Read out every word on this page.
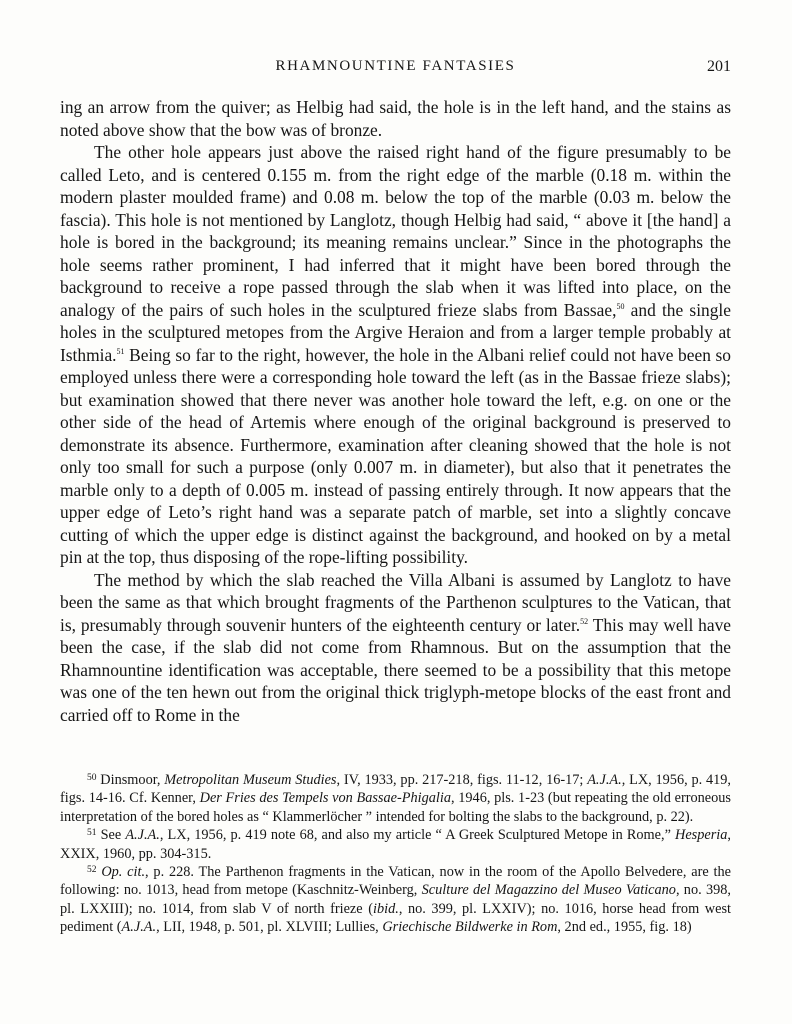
RHAMNOUNTINE FANTASIES	201

ing an arrow from the quiver; as Helbig had said, the hole is in the left hand, and the stains as noted above show that the bow was of bronze.

The other hole appears just above the raised right hand of the figure presumably to be called Leto, and is centered 0.155 m. from the right edge of the marble (0.18 m. within the modern plaster moulded frame) and 0.08 m. below the top of the marble (0.03 m. below the fascia). This hole is not mentioned by Langlotz, though Helbig had said, “ above it [the hand] a hole is bored in the background; its meaning remains unclear.” Since in the photographs the hole seems rather prominent, I had inferred that it might have been bored through the background to receive a rope passed through the slab when it was lifted into place, on the analogy of the pairs of such holes in the sculptured frieze slabs from Bassae,$^{50}$ and the single holes in the sculptured metopes from the Argive Heraion and from a larger temple probably at Isthmia.$^{51}$ Being so far to the right, however, the hole in the Albani relief could not have been so employed unless there were a corresponding hole toward the left (as in the Bassae frieze slabs); but examination showed that there never was another hole toward the left, e.g. on one or the other side of the head of Artemis where enough of the original background is preserved to demonstrate its absence. Furthermore, examination after cleaning showed that the hole is not only too small for such a purpose (only 0.007 m. in diameter), but also that it penetrates the marble only to a depth of 0.005 m. instead of passing entirely through. It now appears that the upper edge of Leto’s right hand was a separate patch of marble, set into a slightly concave cutting of which the upper edge is distinct against the background, and hooked on by a metal pin at the top, thus disposing of the rope-lifting possibility.

The method by which the slab reached the Villa Albani is assumed by Langlotz to have been the same as that which brought fragments of the Parthenon sculptures to the Vatican, that is, presumably through souvenir hunters of the eighteenth century or later.$^{52}$ This may well have been the case, if the slab did not come from Rhamnous. But on the assumption that the Rhamnountine identification was acceptable, there seemed to be a possibility that this metope was one of the ten hewn out from the original thick triglyph-metope blocks of the east front and carried off to Rome in the

$^{50}$ Dinsmoor, Metropolitan Museum Studies, IV, 1933, pp. 217-218, figs. 11-12, 16-17; A.J.A., LX, 1956, p. 419, figs. 14-16. Cf. Kenner, Der Fries des Tempels von Bassae-Phigalia, 1946, pls. 1-23 (but repeating the old erroneous interpretation of the bored holes as “ Klammerlöcher ” intended for bolting the slabs to the background, p. 22).

$^{51}$ See A.J.A., LX, 1956, p. 419 note 68, and also my article “ A Greek Sculptured Metope in Rome,” Hesperia, XXIX, 1960, pp. 304-315.

$^{52}$ Op. cit., p. 228. The Parthenon fragments in the Vatican, now in the room of the Apollo Belvedere, are the following: no. 1013, head from metope (Kaschnitz-Weinberg, Sculture del Magazzino del Museo Vaticano, no. 398, pl. LXXIII); no. 1014, from slab V of north frieze (ibid., no. 399, pl. LXXIV); no. 1016, horse head from west pediment (A.J.A., LII, 1948, p. 501, pl. XLVIII; Lullies, Griechische Bildwerke in Rom, 2nd ed., 1955, fig. 18)
